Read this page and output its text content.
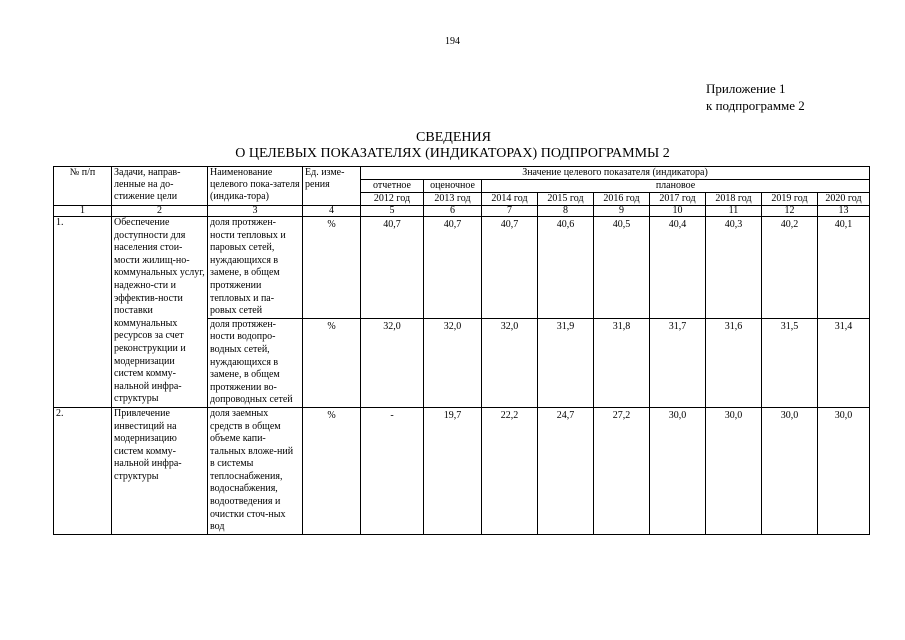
194
Приложение 1
к подпрограмме 2
СВЕДЕНИЯ
О ЦЕЛЕВЫХ ПОКАЗАТЕЛЯХ (ИНДИКАТОРАХ) ПОДПРОГРАММЫ 2
№ п/п	Задачи, направ-ленные на до-стижение цели	Наименование целевого пока-зателя (индика-тора)	Ед. изме-рения	Значение целевого показателя (индикатора)								
				отчетное	оценочное	плановое						
				2012 год	2013 год	2014 год	2015 год	2016 год	2017 год	2018 год	2019 год	2020 год
1	2	3	4	5	6	7	8	9	10	11	12	13
1.	Обеспечение доступности для населения стои-мости жилищ-но-коммунальных услуг, надежно-сти и эффектив-ности поставки коммунальных ресурсов за счет реконструкции и модернизации систем комму-нальной инфра-структуры	доля протяжен-ности тепловых и паровых сетей, нуждающихся в замене, в общем протяжении тепловых и па-ровых сетей	%	40,7	40,7	40,7	40,6	40,5	40,4	40,3	40,2	40,1
		доля протяжен-ности водопро-водных сетей, нуждающихся в замене, в общем протяжении во-допроводных сетей	%	32,0	32,0	32,0	31,9	31,8	31,7	31,6	31,5	31,4
2.	Привлечение инвестиций на модернизацию систем комму-нальной инфра-структуры	доля заемных средств в общем объеме капи-тальных вложе-ний в системы теплоснабжения, водоснабжения, водоотведения и очистки сточ-ных вод	%	-	19,7	22,2	24,7	27,2	30,0	30,0	30,0	30,0
